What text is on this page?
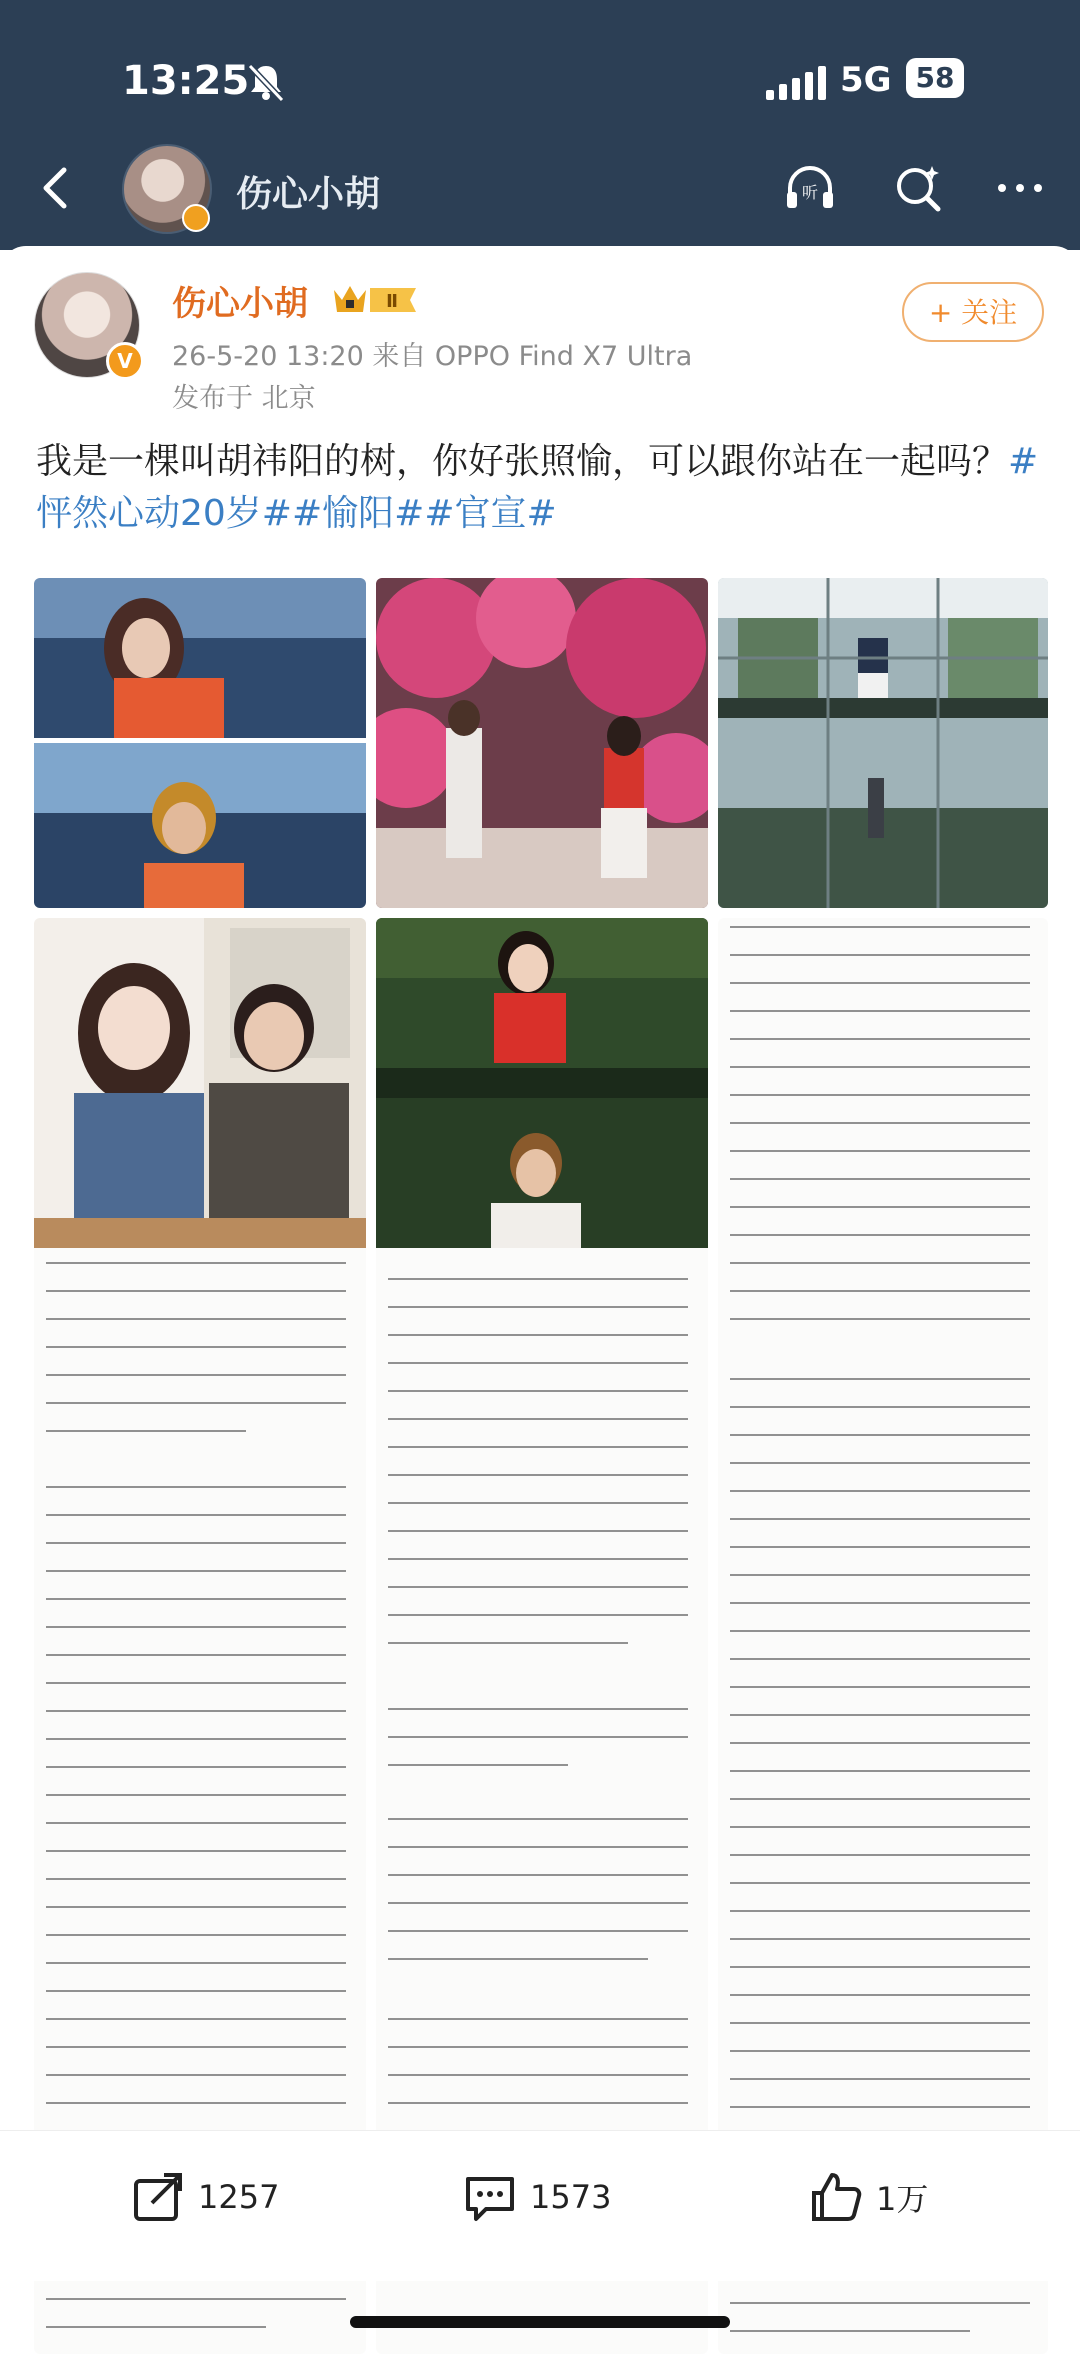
13:25	5G 58
伤心小胡	听
V
伤心小胡	Ⅱ
26-5-20 13:20 来自 OPPO Find X7 Ultra
发布于 北京
+ 关注
我是一棵叫胡祎阳的树，你好张照愉，可以跟你站在一起吗？#怦然心动20岁##愉阳##官宣#
1257	1573	1万
